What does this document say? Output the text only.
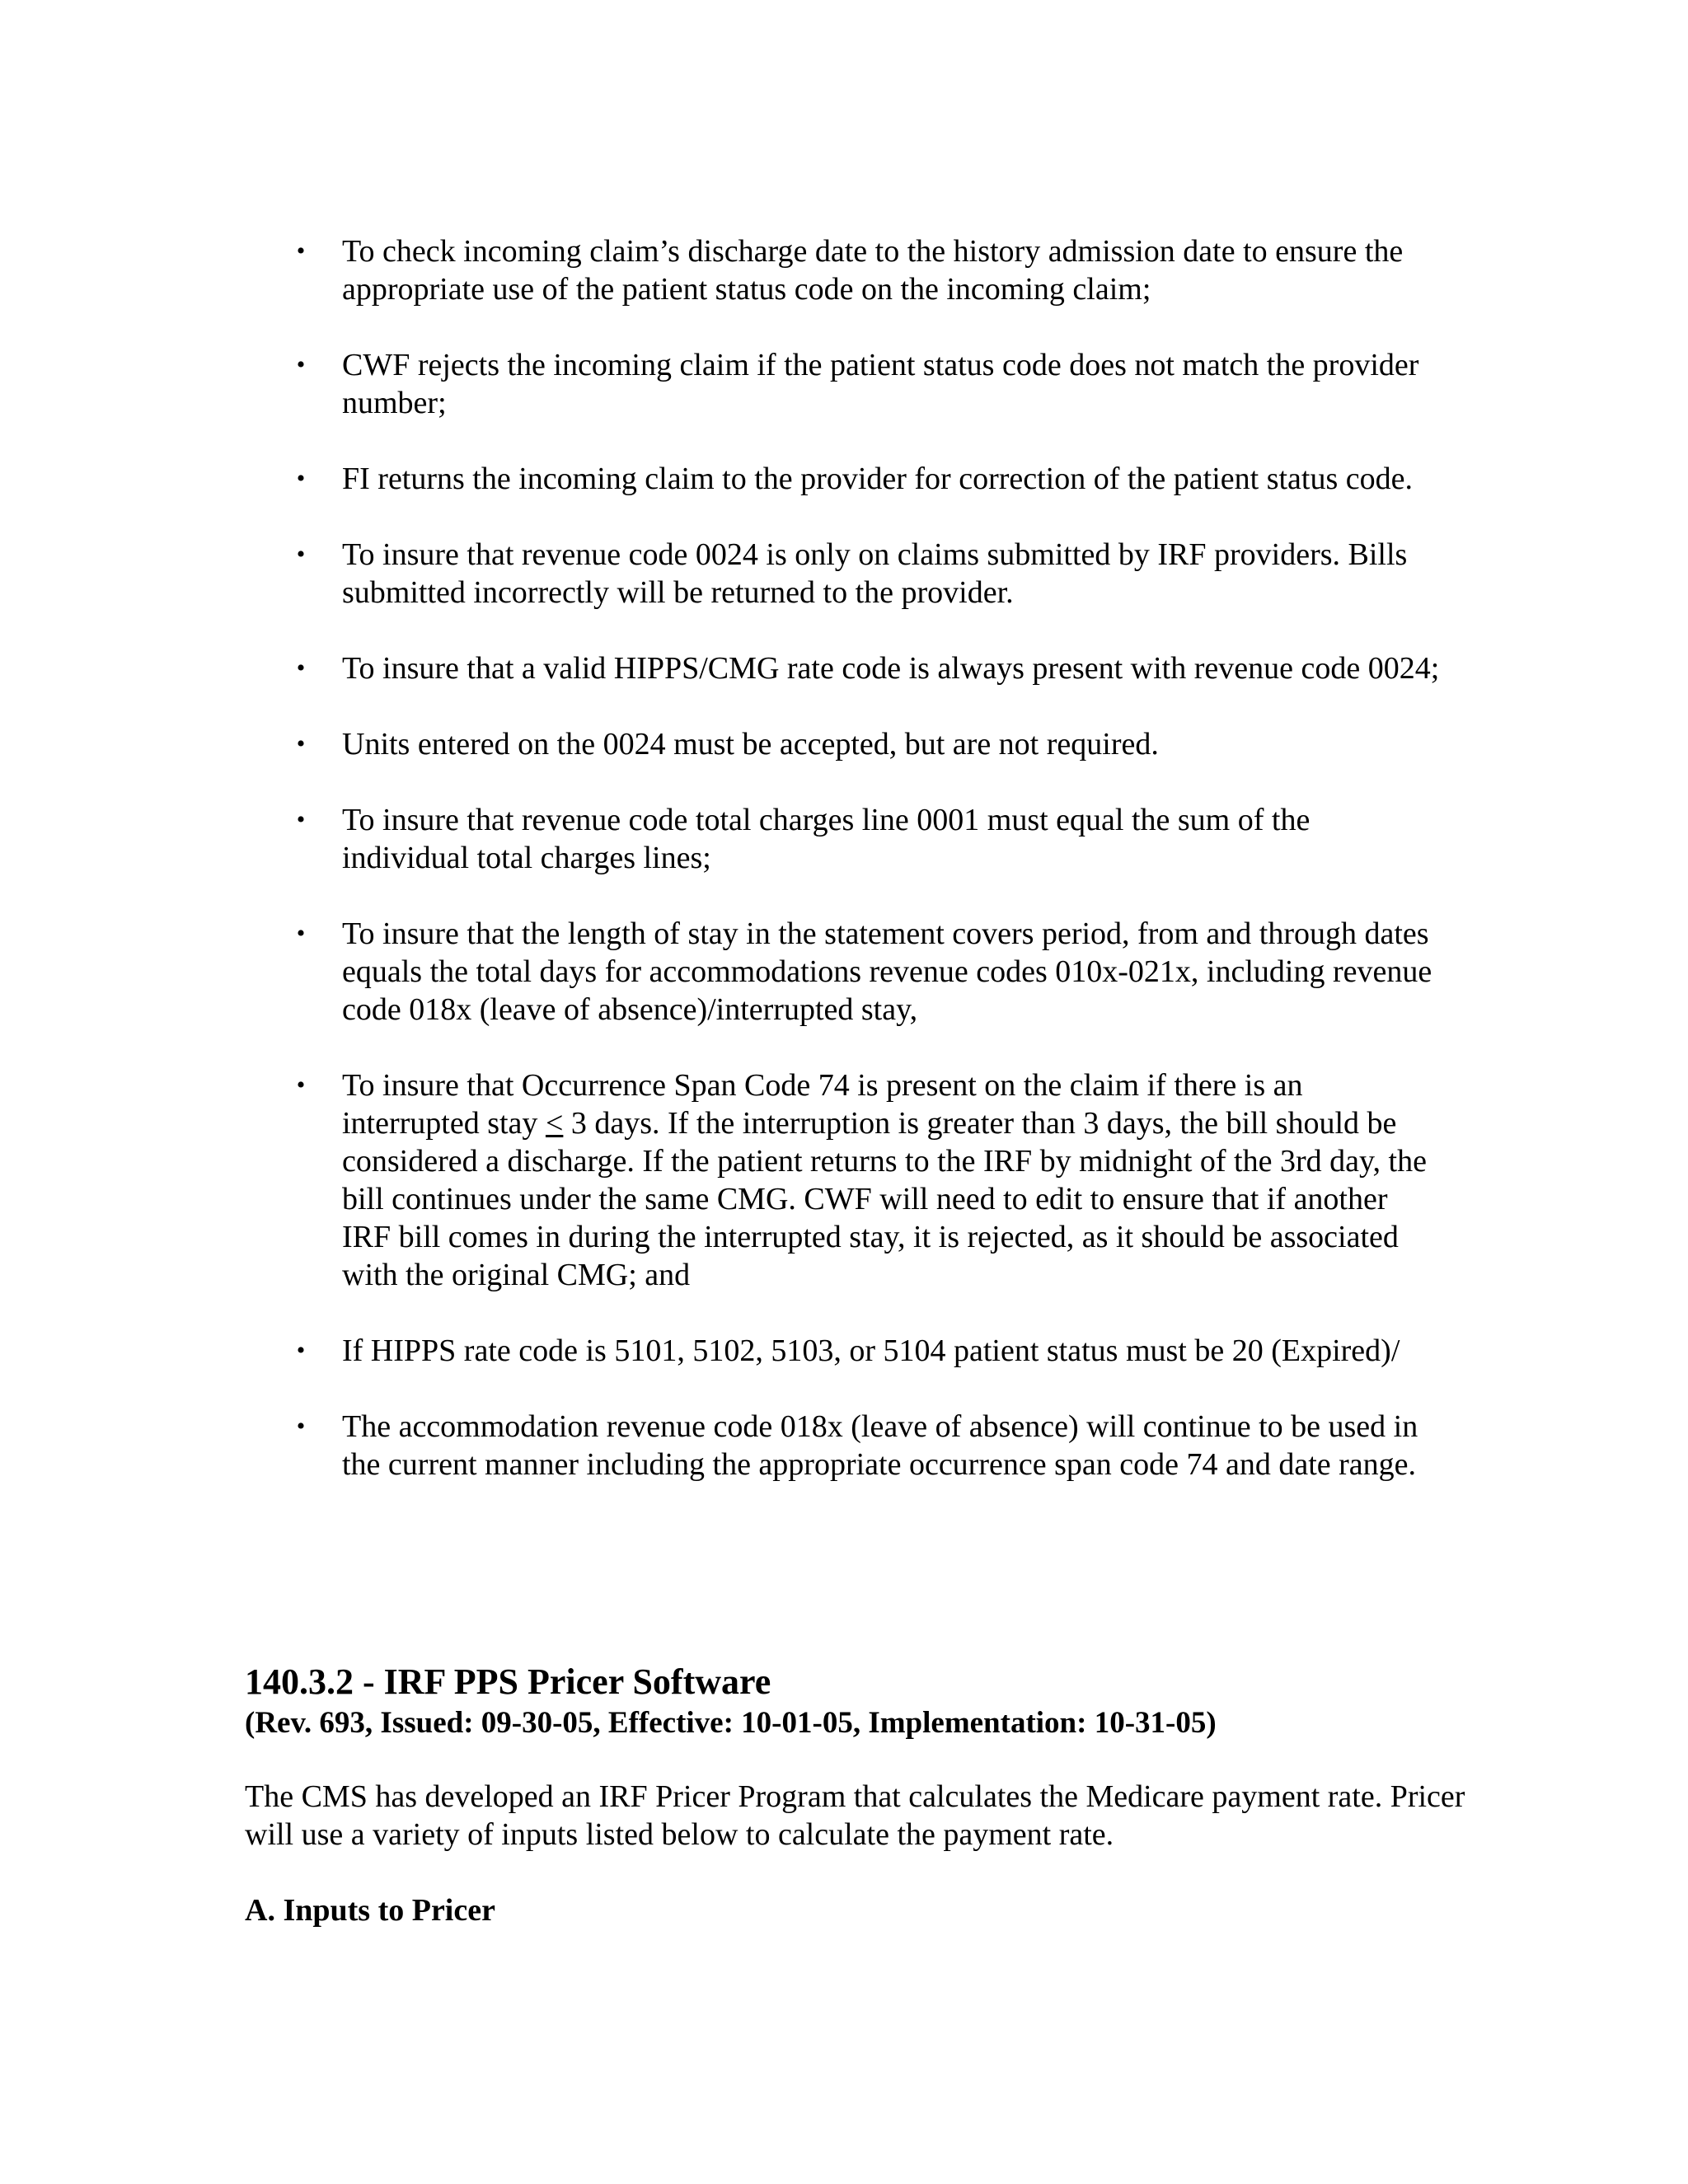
• To check incoming claim’s discharge date to the history admission date to ensure the appropriate use of the patient status code on the incoming claim;
• CWF rejects the incoming claim if the patient status code does not match the provider number;
• FI returns the incoming claim to the provider for correction of the patient status code.
• To insure that revenue code 0024 is only on claims submitted by IRF providers. Bills submitted incorrectly will be returned to the provider.
• To insure that a valid HIPPS/CMG rate code is always present with revenue code 0024;
• Units entered on the 0024 must be accepted, but are not required.
• To insure that revenue code total charges line 0001 must equal the sum of the individual total charges lines;
• To insure that the length of stay in the statement covers period, from and through dates equals the total days for accommodations revenue codes 010x-021x, including revenue code 018x (leave of absence)/interrupted stay,
• To insure that Occurrence Span Code 74 is present on the claim if there is an interrupted stay ≤ 3 days. If the interruption is greater than 3 days, the bill should be considered a discharge. If the patient returns to the IRF by midnight of the 3rd day, the bill continues under the same CMG. CWF will need to edit to ensure that if another IRF bill comes in during the interrupted stay, it is rejected, as it should be associated with the original CMG; and
• If HIPPS rate code is 5101, 5102, 5103, or 5104 patient status must be 20 (Expired)/
• The accommodation revenue code 018x (leave of absence) will continue to be used in the current manner including the appropriate occurrence span code 74 and date range.
140.3.2 - IRF PPS Pricer Software

(Rev. 693, Issued: 09-30-05, Effective: 10-01-05, Implementation: 10-31-05)

The CMS has developed an IRF Pricer Program that calculates the Medicare payment rate. Pricer will use a variety of inputs listed below to calculate the payment rate.

A. Inputs to Pricer
